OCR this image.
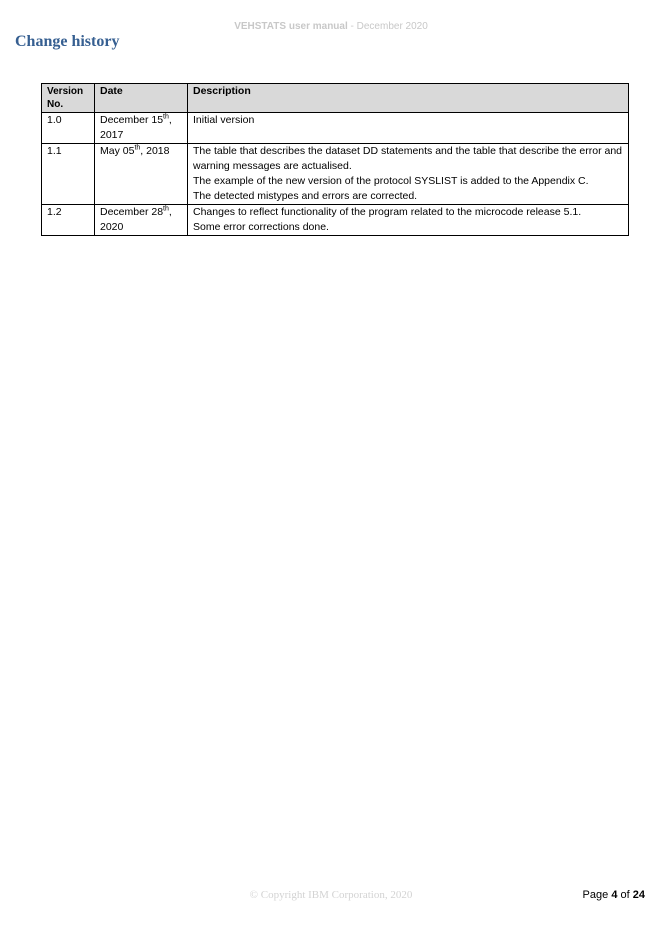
VEHSTATS user manual - December 2020
Change history
Version No.	Date	Description
1.0	December 15th, 2017	Initial version

1.1	May 05th, 2018	The table that describes the dataset DD statements and the table that describe the error and warning messages are actualised.
The example of the new version of the protocol SYSLIST is added to the Appendix C.
The detected mistypes and errors are corrected.

1.2	December 28th, 2020	Changes to reflect functionality of the program related to the microcode release 5.1.
Some error corrections done.
© Copyright IBM Corporation, 2020	Page 4 of 24
